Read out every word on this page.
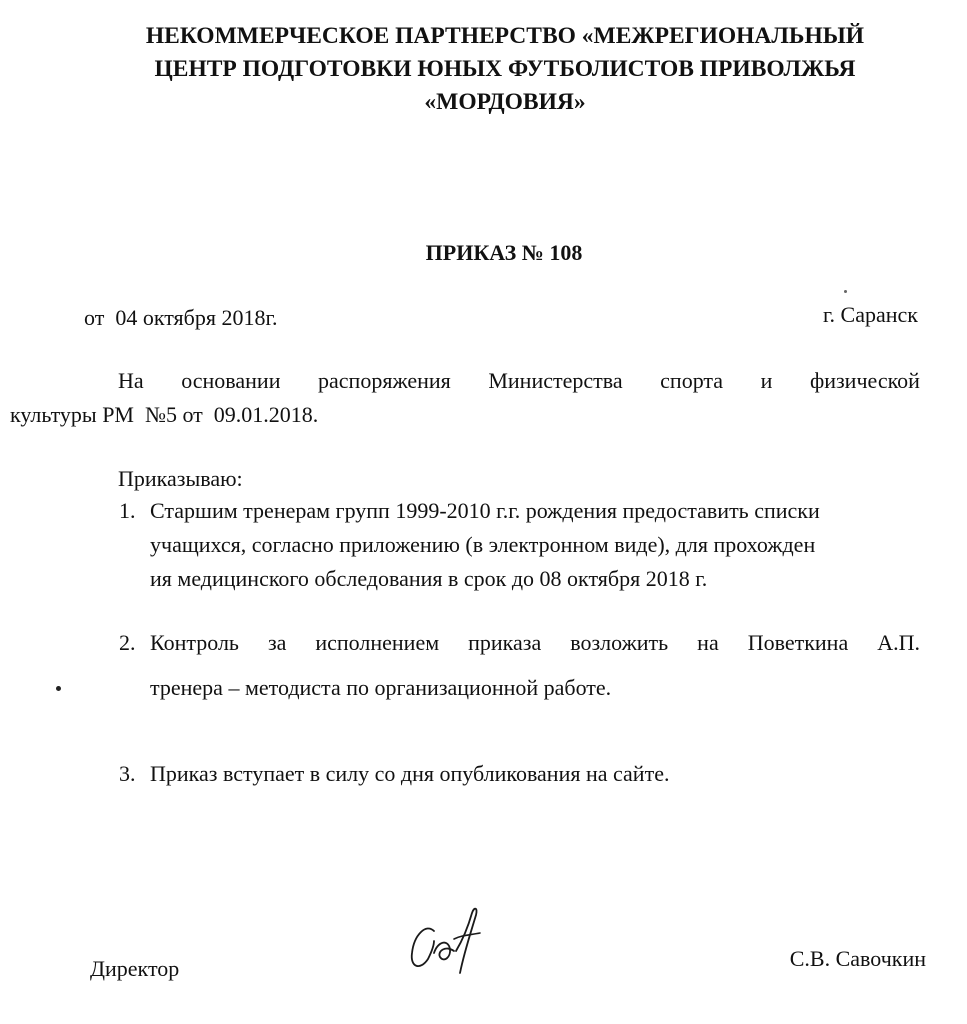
НЕКОММЕРЧЕСКОЕ ПАРТНЕРСТВО «МЕЖРЕГИОНАЛЬНЫЙ
ЦЕНТР ПОДГОТОВКИ ЮНЫХ ФУТБОЛИСТОВ ПРИВОЛЖЬЯ
«МОРДОВИЯ»
ПРИКАЗ № 108
от  04 октября 2018г.	г. Саранск
На основании распоряжения Министерства спорта и физической
культуры РМ  №5 от  09.01.2018.
Приказываю:
1. Старшим тренерам групп 1999-2010 г.г. рождения предоставить списки
учащихся, согласно приложению (в электронном виде), для прохожден
ия медицинского обследования в срок до 08 октября 2018 г.
2. Контроль за исполнением приказа возложить на Поветкина А.П.
тренера – методиста по организационной работе.
3. Приказ вступает в силу со дня опубликования на сайте.
Директор	С.В. Савочкин
